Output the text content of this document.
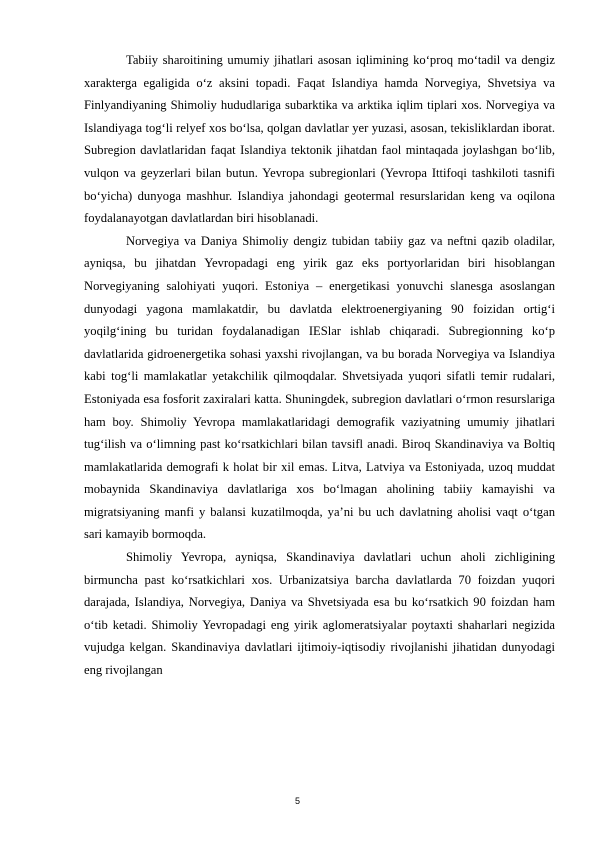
Tabiiy sharoitining umumiy jihatlari asosan iqlimining ko‘proq mo‘tadil va dengiz xarakterga egaligida o‘z aksini topadi. Faqat Islandiya hamda Norvegiya, Shvetsiya va Finlyandiyaning Shimoliy hududlariga subarktika va arktika iqlim tiplari xos. Norvegiya va Islandiyaga tog‘li relyef xos bo‘lsa, qolgan davlatlar yer yuzasi, asosan, tekisliklardan iborat. Subregion davlatlaridan faqat Islandiya tektonik jihatdan faol mintaqada joylashgan bo‘lib, vulqon va geyzerlari bilan butun. Yevropa subregionlari (Yevropa Ittifoqi tashkiloti tasnifi bo‘yicha) dunyoga mashhur. Islandiya jahondagi geotermal resurslaridan keng va oqilona foydalanayotgan davlatlardan biri hisoblanadi.

Norvegiya va Daniya Shimoliy dengiz tubidan tabiiy gaz va neftni qazib oladilar, ayniqsa, bu jihatdan Yevropadagi eng yirik gaz eks portyorlaridan biri hisoblangan Norvegiyaning salohiyati yuqori. Estoniya – energetikasi yonuvchi slanesga asoslangan dunyodagi yagona mamlakatdir, bu davlatda elektroenergiyaning 90 foizidan ortig‘i yoqilg‘ining bu turidan foydalanadigan IESlar ishlab chiqaradi. Subregionning ko‘p davlatlarida gidroenergetika sohasi yaxshi rivojlangan, va bu borada Norvegiya va Islandiya kabi tog‘li mamlakatlar yetakchilik qilmoqdalar. Shvetsiyada yuqori sifatli temir rudalari, Estoniyada esa fosforit zaxiralari katta. Shuningdek, subregion davlatlari o‘rmon resurslariga ham boy. Shimoliy Yevropa mamlakatlaridagi demografik vaziyatning umumiy jihatlari tug‘ilish va o‘limning past ko‘rsatkichlari bilan tavsifl anadi. Biroq Skandinaviya va Boltiq mamlakatlarida demografi k holat bir xil emas. Litva, Latviya va Estoniyada, uzoq muddat mobaynida Skandinaviya davlatlariga xos bo‘lmagan aholining tabiiy kamayishi va migratsiyaning manfi y balansi kuzatilmoqda, ya’ni bu uch davlatning aholisi vaqt o‘tgan sari kamayib bormoqda.

Shimoliy Yevropa, ayniqsa, Skandinaviya davlatlari uchun aholi zichligining birmuncha past ko‘rsatkichlari xos. Urbanizatsiya barcha davlatlarda 70 foizdan yuqori darajada, Islandiya, Norvegiya, Daniya va Shvetsiyada esa bu ko‘rsatkich 90 foizdan ham o‘tib ketadi. Shimoliy Yevropadagi eng yirik aglomeratsiyalar poytaxti shaharlari negizida vujudga kelgan. Skandinaviya davlatlari ijtimoiy-iqtisodiy rivojlanishi jihatidan dunyodagi eng rivojlangan

5
